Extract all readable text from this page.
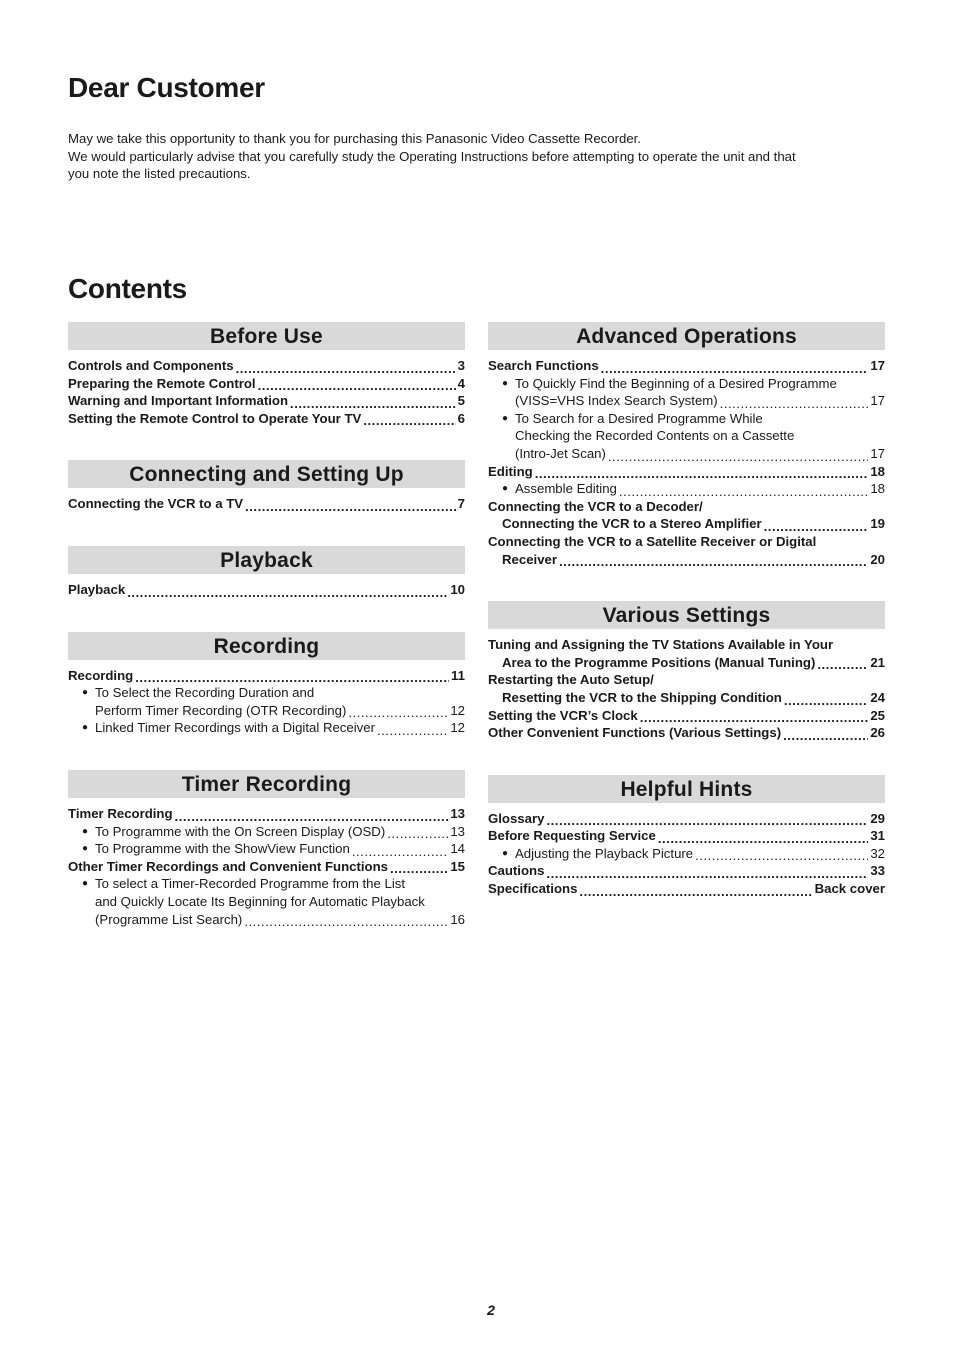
Dear Customer
May we take this opportunity to thank you for purchasing this Panasonic Video Cassette Recorder.
We would particularly advise that you carefully study the Operating Instructions before attempting to operate the unit and that
you note the listed precautions.
Contents
Before Use
Controls and Components .....	3
Preparing the Remote Control .....	4
Warning and Important Information .....	5
Setting the Remote Control to Operate Your TV .....	6
Connecting and Setting Up
Connecting the VCR to a TV .....	7
Playback
Playback .....	10
Recording
Recording .....	11
● To Select the Recording Duration and
Perform Timer Recording (OTR Recording) .....	12
● Linked Timer Recordings with a Digital Receiver .....	12
Timer Recording
Timer Recording .....	13
● To Programme with the On Screen Display (OSD) .....	13
● To Programme with the ShowView Function .....	14
Other Timer Recordings and Convenient Functions .....	15
● To select a Timer-Recorded Programme from the List
and Quickly Locate Its Beginning for Automatic Playback
(Programme List Search) .....	16
Advanced Operations
Search Functions .....	17
● To Quickly Find the Beginning of a Desired Programme
(VISS=VHS Index Search System) .....	17
● To Search for a Desired Programme While
Checking the Recorded Contents on a Cassette
(Intro-Jet Scan) .....	17
Editing .....	18
● Assemble Editing .....	18
Connecting the VCR to a Decoder/
Connecting the VCR to a Stereo Amplifier .....	19
Connecting the VCR to a Satellite Receiver or Digital
Receiver .....	20
Various Settings
Tuning and Assigning the TV Stations Available in Your
Area to the Programme Positions (Manual Tuning) .....	21
Restarting the Auto Setup/
Resetting the VCR to the Shipping Condition .....	24
Setting the VCR’s Clock .....	25
Other Convenient Functions (Various Settings) .....	26
Helpful Hints
Glossary .....	29
Before Requesting Service .....	31
● Adjusting the Playback Picture .....	32
Cautions .....	33
Specifications .....	Back cover
2
